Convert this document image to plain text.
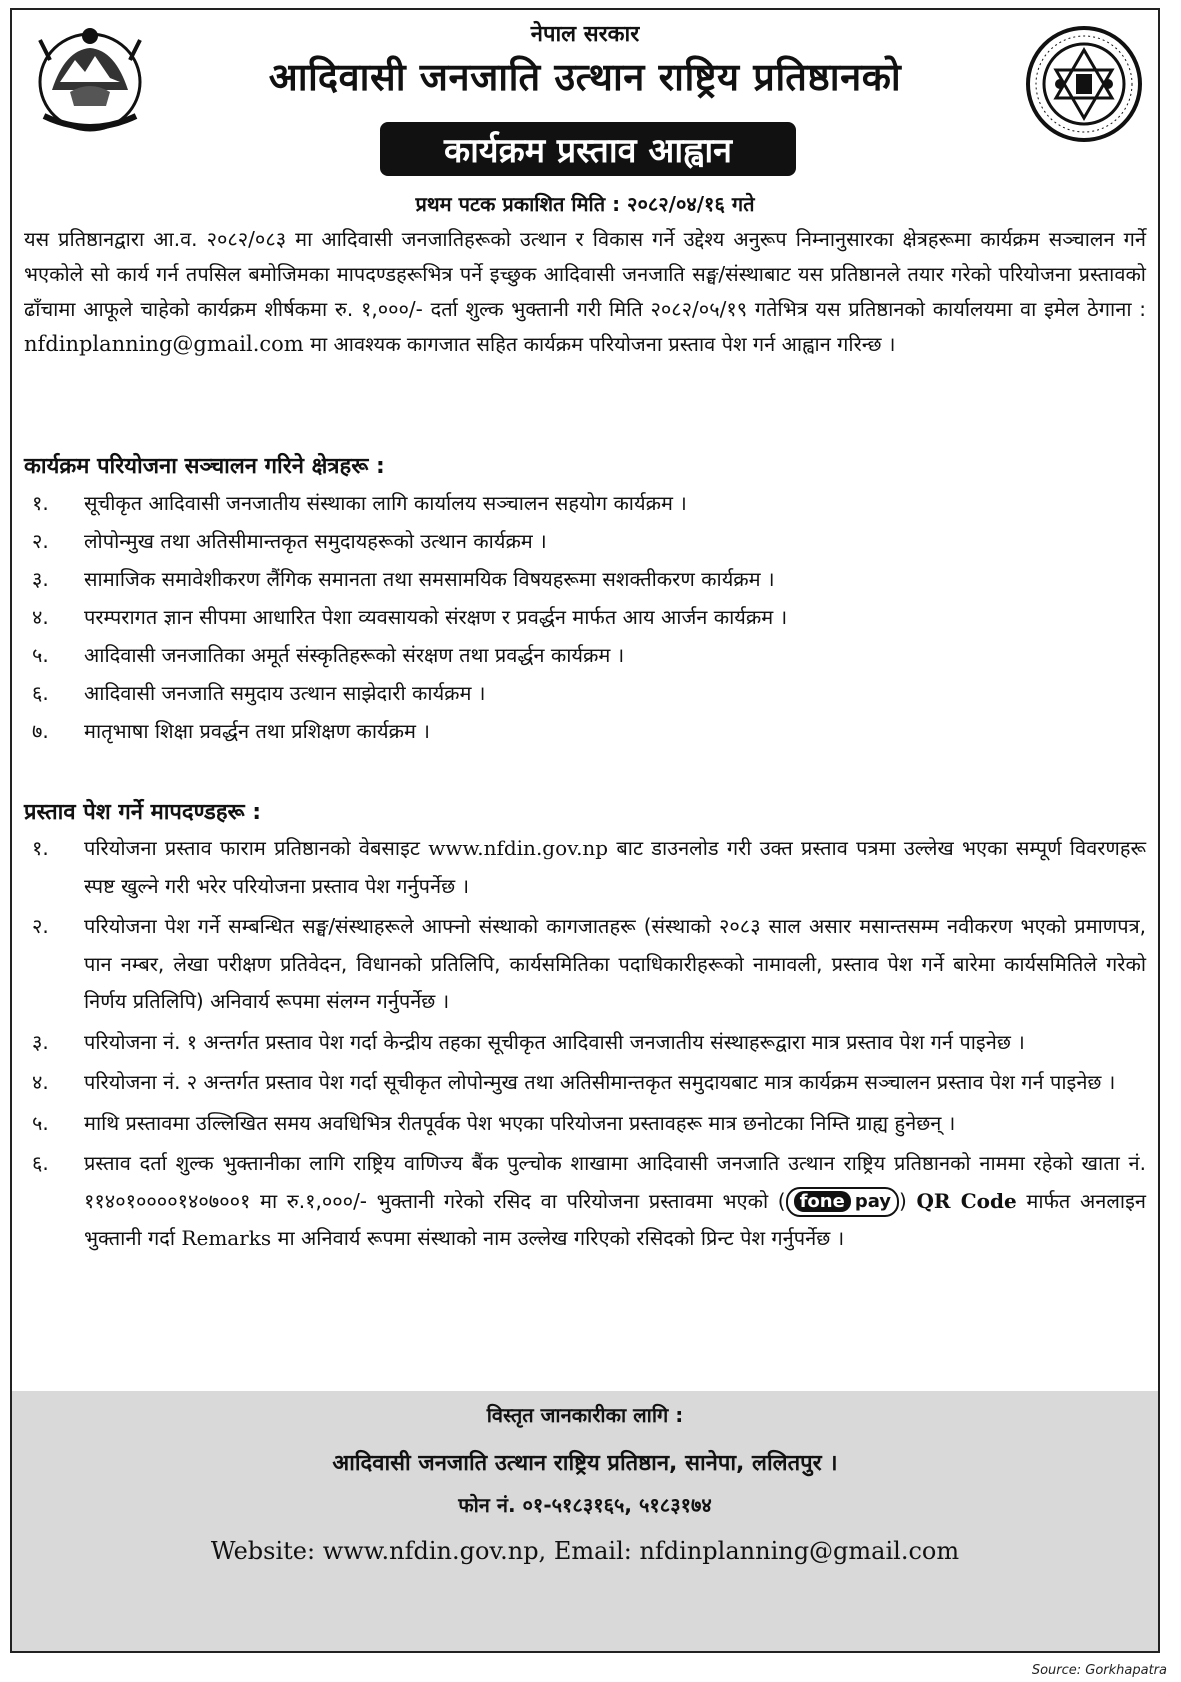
नेपाल सरकार
आदिवासी जनजाति उत्थान राष्ट्रिय प्रतिष्ठानको
कार्यक्रम प्रस्ताव आह्वान
प्रथम पटक प्रकाशित मिति : २०८२/०४/१६ गते
यस प्रतिष्ठानद्वारा आ.व. २०८२/०८३ मा आदिवासी जनजातिहरूको उत्थान र विकास गर्ने उद्देश्य अनुरूप निम्नानुसारका क्षेत्रहरूमा कार्यक्रम सञ्चालन गर्ने भएकोले सो कार्य गर्न तपसिल बमोजिमका मापदण्डहरूभित्र पर्ने इच्छुक आदिवासी जनजाति सङ्घ/संस्थाबाट यस प्रतिष्ठानले तयार गरेको परियोजना प्रस्तावको ढाँचामा आफूले चाहेको कार्यक्रम शीर्षकमा रु. १,०००/- दर्ता शुल्क भुक्तानी गरी मिति २०८२/०५/१९ गतेभित्र यस प्रतिष्ठानको कार्यालयमा वा इमेल ठेगाना : nfdinplanning@gmail.com मा आवश्यक कागजात सहित कार्यक्रम परियोजना प्रस्ताव पेश गर्न आह्वान गरिन्छ ।
कार्यक्रम परियोजना सञ्चालन गरिने क्षेत्रहरू :
१. सूचीकृत आदिवासी जनजातीय संस्थाका लागि कार्यालय सञ्चालन सहयोग कार्यक्रम ।
२. लोपोन्मुख तथा अतिसीमान्तकृत समुदायहरूको उत्थान कार्यक्रम ।
३. सामाजिक समावेशीकरण लैंगिक समानता तथा समसामयिक विषयहरूमा सशक्तीकरण कार्यक्रम ।
४. परम्परागत ज्ञान सीपमा आधारित पेशा व्यवसायको संरक्षण र प्रवर्द्धन मार्फत आय आर्जन कार्यक्रम ।
५. आदिवासी जनजातिका अमूर्त संस्कृतिहरूको संरक्षण तथा प्रवर्द्धन कार्यक्रम ।
६. आदिवासी जनजाति समुदाय उत्थान साझेदारी कार्यक्रम ।
७. मातृभाषा शिक्षा प्रवर्द्धन तथा प्रशिक्षण कार्यक्रम ।
प्रस्ताव पेश गर्ने मापदण्डहरू :
१. परियोजना प्रस्ताव फाराम प्रतिष्ठानको वेबसाइट www.nfdin.gov.np बाट डाउनलोड गरी उक्त प्रस्ताव पत्रमा उल्लेख भएका सम्पूर्ण विवरणहरू स्पष्ट खुल्ने गरी भरेर परियोजना प्रस्ताव पेश गर्नुपर्नेछ ।
२. परियोजना पेश गर्ने सम्बन्धित सङ्घ/संस्थाहरूले आफ्नो संस्थाको कागजातहरू (संस्थाको २०८३ साल असार मसान्तसम्म नवीकरण भएको प्रमाणपत्र, पान नम्बर, लेखा परीक्षण प्रतिवेदन, विधानको प्रतिलिपि, कार्यसमितिका पदाधिकारीहरूको नामावली, प्रस्ताव पेश गर्ने बारेमा कार्यसमितिले गरेको निर्णय प्रतिलिपि) अनिवार्य रूपमा संलग्न गर्नुपर्नेछ ।
३. परियोजना नं. १ अन्तर्गत प्रस्ताव पेश गर्दा केन्द्रीय तहका सूचीकृत आदिवासी जनजातीय संस्थाहरूद्वारा मात्र प्रस्ताव पेश गर्न पाइनेछ ।
४. परियोजना नं. २ अन्तर्गत प्रस्ताव पेश गर्दा सूचीकृत लोपोन्मुख तथा अतिसीमान्तकृत समुदायबाट मात्र कार्यक्रम सञ्चालन प्रस्ताव पेश गर्न पाइनेछ ।
५. माथि प्रस्तावमा उल्लिखित समय अवधिभित्र रीतपूर्वक पेश भएका परियोजना प्रस्तावहरू मात्र छनोटका निम्ति ग्राह्य हुनेछन् ।
६. प्रस्ताव दर्ता शुल्क भुक्तानीका लागि राष्ट्रिय वाणिज्य बैंक पुल्चोक शाखामा आदिवासी जनजाति उत्थान राष्ट्रिय प्रतिष्ठानको नाममा रहेको खाता नं. ११४०१००००१४०७००१ मा रु.१,०००/- भुक्तानी गरेको रसिद वा परियोजना प्रस्तावमा भएको ( fone pay ) QR Code मार्फत अनलाइन भुक्तानी गर्दा Remarks मा अनिवार्य रूपमा संस्थाको नाम उल्लेख गरिएको रसिदको प्रिन्ट पेश गर्नुपर्नेछ ।
विस्तृत जानकारीका लागि :
आदिवासी जनजाति उत्थान राष्ट्रिय प्रतिष्ठान, सानेपा, ललितपुर ।
फोन नं. ०१-५१८३१६५, ५१८३१७४
Website: www.nfdin.gov.np, Email: nfdinplanning@gmail.com
Source: Gorkhapatra
